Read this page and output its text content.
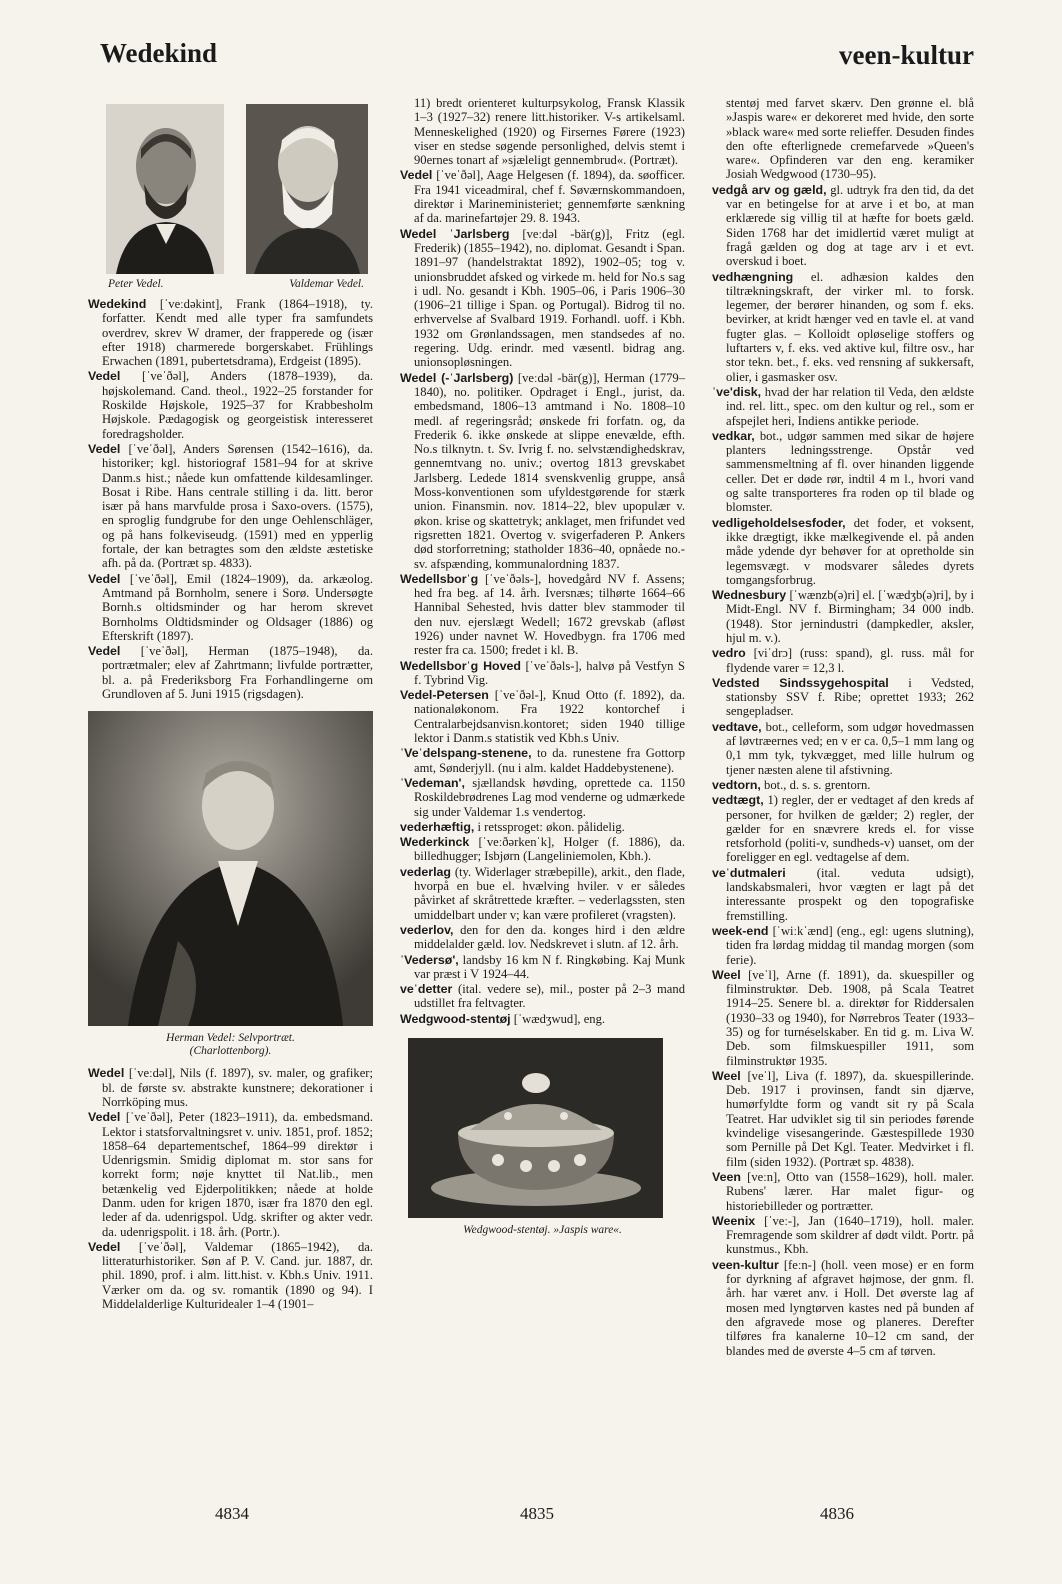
Wedekind	veen-kultur
Peter Vedel.	Valdemar Vedel.

Wedekind [ˈveːdəkint], Frank (1864–1918), ty. forfatter. Kendt med alle typer fra samfundets overdrev, skrev W dramer, der frapperede og (især efter 1918) charmerede borgerskabet. Frühlings Erwachen (1891, pubertetsdrama), Erdgeist (1895).

Vedel [ˈveˈðəl], Anders (1878–1939), da. højskolemand. Cand. theol., 1922–25 forstander for Roskilde Højskole, 1925–37 for Krabbesholm Højskole. Pædagogisk og georgeistisk interesseret foredragsholder.

Vedel [ˈveˈðəl], Anders Sørensen (1542–1616), da. historiker; kgl. historiograf 1581–94 for at skrive Danm.s hist.; nåede kun omfattende kildesamlinger. Bosat i Ribe. Hans centrale stilling i da. litt. beror især på hans marvfulde prosa i Saxo-overs. (1575), en sproglig fundgrube for den unge Oehlenschläger, og på hans folkeviseudg. (1591) med en ypperlig fortale, der kan betragtes som den ældste æstetiske afh. på da. (Portræt sp. 4833).

Vedel [ˈveˈðəl], Emil (1824–1909), da. arkæolog. Amtmand på Bornholm, senere i Sorø. Undersøgte Bornh.s oltidsminder og har herom skrevet Bornholms Oldtidsminder og Oldsager (1886) og Efterskrift (1897).

Vedel [ˈveˈðəl], Herman (1875–1948), da. portrætmaler; elev af Zahrtmann; livfulde portrætter, bl. a. på Frederiksborg Fra Forhandlingerne om Grundloven af 5. Juni 1915 (rigsdagen).

Herman Vedel: Selvportræt.
(Charlottenborg).

Wedel [ˈveːdəl], Nils (f. 1897), sv. maler, og grafiker; bl. de første sv. abstrakte kunstnere; dekorationer i Norrköping mus.

Vedel [ˈveˈðəl], Peter (1823–1911), da. embedsmand. Lektor i statsforvaltningsret v. univ. 1851, prof. 1852; 1858–64 departementschef, 1864–99 direktør i Udenrigsmin. Smidig diplomat m. stor sans for korrekt form; nøje knyttet til Nat.lib., men betænkelig ved Ejderpolitikken; nåede at holde Danm. uden for krigen 1870, især fra 1870 den egl. leder af da. udenrigspol. Udg. skrifter og akter vedr. da. udenrigspolit. i 18. årh. (Portr.).

Vedel [ˈveˈðəl], Valdemar (1865–1942), da. litteraturhistoriker. Søn af P. V. Cand. jur. 1887, dr. phil. 1890, prof. i alm. litt.hist. v. Kbh.s Univ. 1911. Værker om da. og sv. romantik (1890 og 94). I Middelalderlige Kulturidealer 1–4 (1901–

11) bredt orienteret kulturpsykolog, Fransk Klassik 1–3 (1927–32) renere litt.historiker. V-s artikelsaml. Menneskelighed (1920) og Firsernes Førere (1923) viser en stedse søgende personlighed, delvis stemt i 90ernes tonart af »sjæleligt gennembrud«. (Portræt).

Vedel [ˈveˈðəl], Aage Helgesen (f. 1894), da. søofficer. Fra 1941 viceadmiral, chef f. Søværnskommandoen, direktør i Marineministeriet; gennemførte sænkning af da. marinefartøjer 29. 8. 1943.

Wedel ˈJarlsberg [veːdəl -bär(g)], Fritz (egl. Frederik) (1855–1942), no. diplomat. Gesandt i Span. 1891–97 (handelstraktat 1892), 1902–05; tog v. unionsbruddet afsked og virkede m. held for No.s sag i udl. No. gesandt i Kbh. 1905–06, i Paris 1906–30 (1906–21 tillige i Span. og Portugal). Bidrog til no. erhvervelse af Svalbard 1919. Forhandl. uoff. i Kbh. 1932 om Grønlandssagen, men standsedes af no. regering. Udg. erindr. med væsentl. bidrag ang. unionsopløsningen.

Wedel (-ˈJarlsberg) [veːdəl -bär(g)], Herman (1779–1840), no. politiker. Opdraget i Engl., jurist, da. embedsmand, 1806–13 amtmand i No. 1808–10 medl. af regeringsråd; ønskede fri forfatn. og, da Frederik 6. ikke ønskede at slippe enevælde, efth. No.s tilknytn. t. Sv. Ivrig f. no. selvstændighedskrav, gennemtvang no. univ.; overtog 1813 grevskabet Jarlsberg. Ledede 1814 svenskvenlig gruppe, anså Moss-konventionen som ufyldestgørende for stærk union. Finansmin. nov. 1814–22, blev upopulær v. økon. krise og skattetryk; anklaget, men frifundet ved rigsretten 1821. Overtog v. svigerfaderen P. Ankers død storforretning; statholder 1836–40, opnåede no.-sv. afspænding, kommunalordning 1837.

Wedellsborˈg [ˈveˈðəls-], hovedgård NV f. Assens; hed fra beg. af 14. årh. Iversnæs; tilhørte 1664–66 Hannibal Sehested, hvis datter blev stammoder til den nuv. ejerslægt Wedell; 1672 grevskab (afløst 1926) under navnet W. Hovedbygn. fra 1706 med rester fra ca. 1500; fredet i kl. B.

Wedellsborˈg Hoved [ˈveˈðəls-], halvø på Vestfyn S f. Tybrind Vig.

Vedel-Petersen [ˈveˈðəl-], Knud Otto (f. 1892), da. nationaløkonom. Fra 1922 kontorchef i Centralarbejdsanvisn.kontoret; siden 1940 tillige lektor i Danm.s statistik ved Kbh.s Univ.

ˈVeˈdelspang-stenene, to da. runestene fra Gottorp amt, Sønderjyll. (nu i alm. kaldet Haddebystenene).

ˈVedeman', sjællandsk høvding, oprettede ca. 1150 Roskildebrødrenes Lag mod venderne og udmærkede sig under Valdemar 1.s vendertog.

vederhæftig, i retssproget: økon. pålidelig.

Wederkinck [ˈveːðərkenˈk], Holger (f. 1886), da. billedhugger; Isbjørn (Langeliniemolen, Kbh.).

vederlag (ty. Widerlager stræbepille), arkit., den flade, hvorpå en bue el. hvælving hviler. v er således påvirket af skråtrettede kræfter. – vederlagssten, sten umiddelbart under v; kan være profileret (vragsten).

vederlov, den for den da. konges hird i den ældre middelalder gæld. lov. Nedskrevet i slutn. af 12. årh.

ˈVedersø', landsby 16 km N f. Ringkøbing. Kaj Munk var præst i V 1924–44.

veˈdetter (ital. vedere se), mil., poster på 2–3 mand udstillet fra feltvagter.

Wedgwood-stentøj [ˈwædʒwud], eng.

Wedgwood-stentøj. »Jaspis ware«.

stentøj med farvet skærv. Den grønne el. blå »Jaspis ware« er dekoreret med hvide, den sorte »black ware« med sorte relieffer. Desuden findes den ofte efterlignede cremefarvede »Queen's ware«. Opfinderen var den eng. keramiker Josiah Wedgwood (1730–95).

vedgå arv og gæld, gl. udtryk fra den tid, da det var en betingelse for at arve i et bo, at man erklærede sig villig til at hæfte for boets gæld. Siden 1768 har det imidlertid været muligt at fragå gælden og dog at tage arv i et evt. overskud i boet.

vedhængning el. adhæsion kaldes den tiltrækningskraft, der virker ml. to forsk. legemer, der berører hinanden, og som f. eks. bevirker, at kridt hænger ved en tavle el. at vand fugter glas. – Kolloidt opløselige stoffers og luftarters v, f. eks. ved aktive kul, filtre osv., har stor tekn. bet., f. eks. ved rensning af sukkersaft, olier, i gasmasker osv.

ˈve'disk, hvad der har relation til Veda, den ældste ind. rel. litt., spec. om den kultur og rel., som er afspejlet heri, Indiens antikke periode.

vedkar, bot., udgør sammen med sikar de højere planters ledningsstrenge. Opstår ved sammensmeltning af fl. over hinanden liggende celler. Det er døde rør, indtil 4 m l., hvori vand og salte transporteres fra roden op til blade og blomster.

vedligeholdelsesfoder, det foder, et voksent, ikke drægtigt, ikke mælkegivende el. på anden måde ydende dyr behøver for at opretholde sin legemsvægt. v modsvarer således dyrets tomgangsforbrug.

Wednesbury [ˈwænzb(ə)ri] el. [ˈwædʒb(ə)ri], by i Midt-Engl. NV f. Birmingham; 34 000 indb. (1948). Stor jernindustri (dampkedler, aksler, hjul m. v.).

vedro [viˈdrɔ] (russ: spand), gl. russ. mål for flydende varer = 12,3 l.

Vedsted Sindssygehospital i Vedsted, stationsby SSV f. Ribe; oprettet 1933; 262 sengepladser.

vedtave, bot., celleform, som udgør hovedmassen af løvtræernes ved; en v er ca. 0,5–1 mm lang og 0,1 mm tyk, tykvægget, med lille hulrum og tjener næsten alene til afstivning.

vedtorn, bot., d. s. s. grentorn.

vedtægt, 1) regler, der er vedtaget af den kreds af personer, for hvilken de gælder; 2) regler, der gælder for en snævrere kreds el. for visse retsforhold (politi-v, sundheds-v) uanset, om der foreligger en egl. vedtagelse af dem.

veˈdutmaleri (ital. veduta udsigt), landskabsmaleri, hvor vægten er lagt på det interessante prospekt og den topografiske fremstilling.

week-end [ˈwiːkˈænd] (eng., egl: ugens slutning), tiden fra lørdag middag til mandag morgen (som ferie).

Weel [veˈl], Arne (f. 1891), da. skuespiller og filminstruktør. Deb. 1908, på Scala Teatret 1914–25. Senere bl. a. direktør for Riddersalen (1930–33 og 1940), for Nørrebros Teater (1933–35) og for turnéselskaber. En tid g. m. Liva W. Deb. som filmskuespiller 1911, som filminstruktør 1935.

Weel [veˈl], Liva (f. 1897), da. skuespillerinde. Deb. 1917 i provinsen, fandt sin djærve, humørfyldte form og vandt sit ry på Scala Teatret. Har udviklet sig til sin periodes førende kvindelige visesangerinde. Gæstespillede 1930 som Pernille på Det Kgl. Teater. Medvirket i fl. film (siden 1932). (Portræt sp. 4838).

Veen [veːn], Otto van (1558–1629), holl. maler. Rubens' lærer. Har malet figur- og historiebilleder og portrætter.

Weenix [ˈveː-], Jan (1640–1719), holl. maler. Fremragende som skildrer af dødt vildt. Portr. på kunstmus., Kbh.

veen-kultur [feːn-] (holl. veen mose) er en form for dyrkning af afgravet højmose, der gnm. fl. årh. har været anv. i Holl. Det øverste lag af mosen med lyngtørven kastes ned på bunden af den afgravede mose og planeres. Derefter tilføres fra kanalerne 10–12 cm sand, der blandes med de øverste 4–5 cm af tørven.

4834	4835	4836
